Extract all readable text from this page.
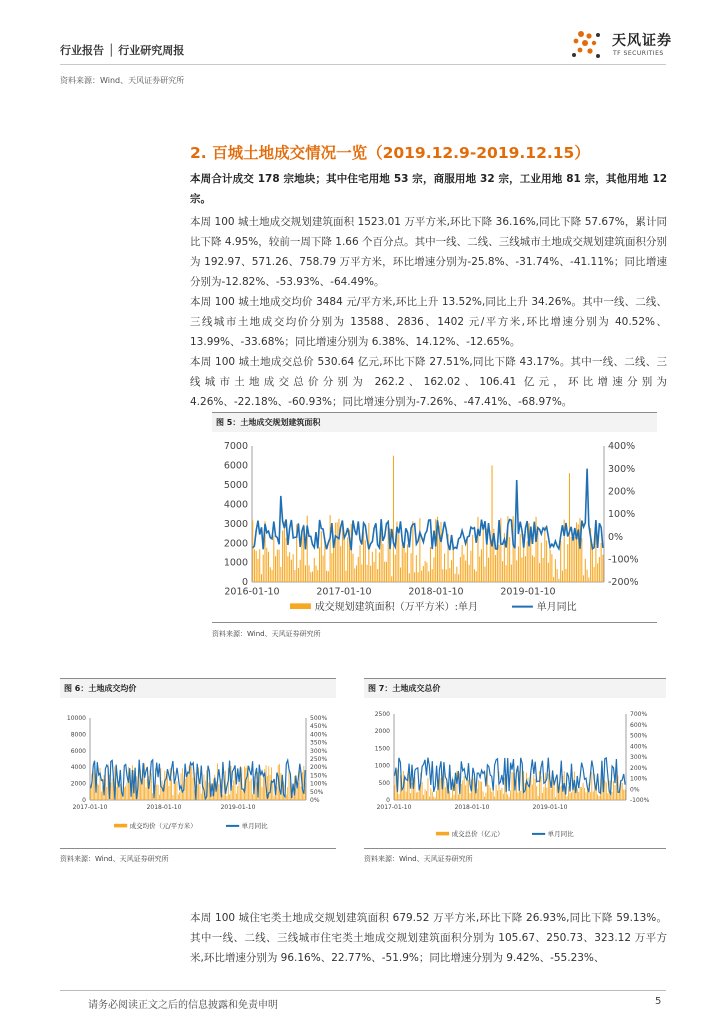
行业报告 │ 行业研究周报
资料来源：Wind、天风证券研究所
天风证券
TF SECURITIES
2. 百城土地成交情况一览（2019.12.9-2019.12.15）
本周合计成交 178 宗地块；其中住宅用地 53 宗，商服用地 32 宗，工业用地 81 宗，其他用地 12 宗。
本周 100 城土地成交规划建筑面积 1523.01 万平方米,环比下降 36.16%,同比下降 57.67%，累计同比下降 4.95%，较前一周下降 1.66 个百分点。其中一线、二线、三线城市土地成交规划建筑面积分别为 192.97、571.26、758.79 万平方米，环比增速分别为-25.8%、-31.74%、-41.11%；同比增速分别为-12.82%、-53.93%、-64.49%。
本周 100 城土地成交均价 3484 元/平方米,环比上升 13.52%,同比上升 34.26%。其中一线、二线、三线城市土地成交均价分别为 13588、2836、1402 元/平方米,环比增速分别为 40.52%、13.99%、-33.68%；同比增速分别为 6.38%、14.12%、-12.65%。
本周 100 城土地成交总价 530.64 亿元,环比下降 27.51%,同比下降 43.17%。其中一线、二线、三线城市土地成交总价分别为 262.2、162.02、106.41 亿元，环比增速分别为 4.26%、-22.18%、-60.93%；同比增速分别为-7.26%、-47.41%、-68.97%。
图 5：土地成交规划建筑面积
0
1000
2000
3000
4000
5000
6000
7000
-200%
-100%
0%
100%
200%
300%
400%
2016-01-10	2017-01-10	2018-01-10	2019-01-10
成交规划建筑面积（万平方米）:单月	单月同比
资料来源：Wind、天风证券研究所
图 6：土地成交均价
0
2000
4000
6000
8000
10000
0%
50%
100%
150%
200%
250%
300%
350%
400%
450%
500%
2017-01-10	2018-01-10	2019-01-10
成交均价（元/平方米）	单月同比
资料来源：Wind、天风证券研究所
图 7：土地成交总价
0
500
1000
1500
2000
2500
-100%
0%
100%
200%
300%
400%
500%
600%
700%
2017-01-10	2018-01-10	2019-01-10
成交总价（亿元）	单月同比
资料来源：Wind、天风证券研究所
本周 100 城住宅类土地成交规划建筑面积 679.52 万平方米,环比下降 26.93%,同比下降 59.13%。其中一线、二线、三线城市住宅类土地成交规划建筑面积分别为 105.67、250.73、323.12 万平方米,环比增速分别为 96.16%、22.77%、-51.9%；同比增速分别为 9.42%、-55.23%、
请务必阅读正文之后的信息披露和免责申明	5
